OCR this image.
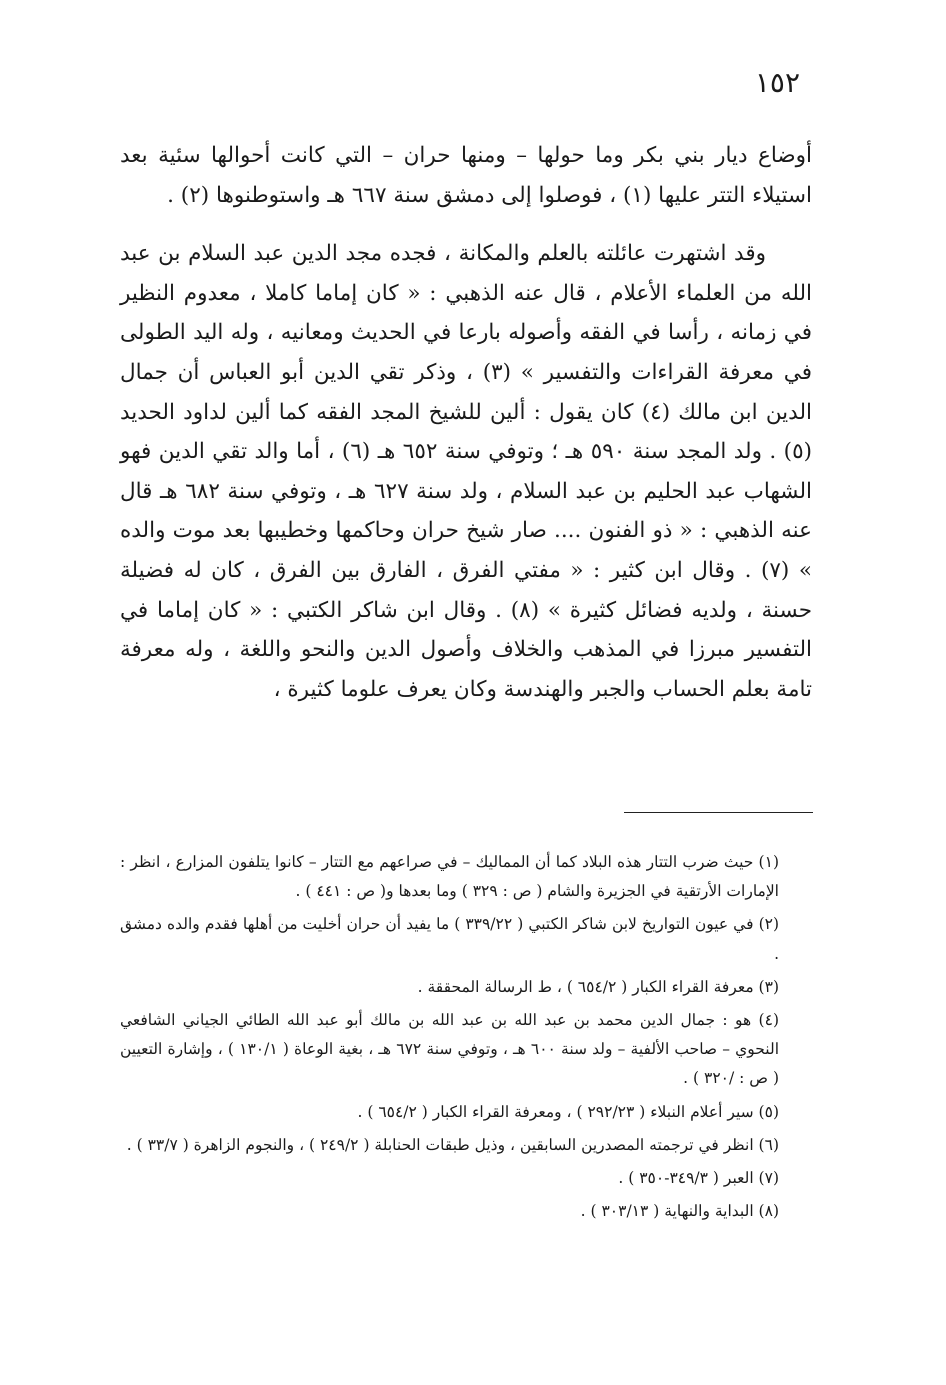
١٥٢

أوضاع ديار بني بكر وما حولها – ومنها حران – التي كانت أحوالها سئية بعد استيلاء التتر عليها (١) ، فوصلوا إلى دمشق سنة ٦٦٧ هـ واستوطنوها (٢) .

وقد اشتهرت عائلته بالعلم والمكانة ، فجده مجد الدين عبد السلام بن عبد الله من العلماء الأعلام ، قال عنه الذهبي : « كان إماما كاملا ، معدوم النظير في زمانه ، رأسا في الفقه وأصوله بارعا في الحديث ومعانيه ، وله اليد الطولى في معرفة القراءات والتفسير » (٣) ، وذكر تقي الدين أبو العباس أن جمال الدين ابن مالك (٤) كان يقول : ألين للشيخ المجد الفقه كما ألين لداود الحديد (٥) . ولد المجد سنة ٥٩٠ هـ ؛ وتوفي سنة ٦٥٢ هـ (٦) ، أما والد تقي الدين فهو الشهاب عبد الحليم بن عبد السلام ، ولد سنة ٦٢٧ هـ ، وتوفي سنة ٦٨٢ هـ قال عنه الذهبي : « ذو الفنون .... صار شيخ حران وحاكمها وخطيبها بعد موت والده » (٧) . وقال ابن كثير : « مفتي الفرق ، الفارق بين الفرق ، كان له فضيلة حسنة ، ولديه فضائل كثيرة » (٨) . وقال ابن شاكر الكتبي : « كان إماما في التفسير مبرزا في المذهب والخلاف وأصول الدين والنحو واللغة ، وله معرفة تامة بعلم الحساب والجبر والهندسة وكان يعرف علوما كثيرة ،

(١) حيث ضرب التتار هذه البلاد كما أن المماليك – في صراعهم مع التتار – كانوا يتلفون المزارع ، انظر : الإمارات الأرتقية في الجزيرة والشام ( ص : ٣٢٩ ) وما بعدها و( ص : ٤٤١ ) .

(٢) في عيون التواريخ لابن شاكر الكتبي ( ٣٣٩/٢٢ ) ما يفيد أن حران أخليت من أهلها فقدم والده دمشق .

(٣) معرفة القراء الكبار ( ٦٥٤/٢ ) ، ط الرسالة المحققة .

(٤) هو : جمال الدين محمد بن عبد الله بن عبد الله بن مالك أبو عبد الله الطائي الجياني الشافعي النحوي – صاحب الألفية – ولد سنة ٦٠٠ هـ ، وتوفي سنة ٦٧٢ هـ ، بغية الوعاة ( ١٣٠/١ ) ، وإشارة التعيين ( ص : /٣٢٠ ) .

(٥) سير أعلام النبلاء ( ٢٩٢/٢٣ ) ، ومعرفة القراء الكبار ( ٦٥٤/٢ ) .

(٦) انظر في ترجمته المصدرين السابقين ، وذيل طبقات الحنابلة ( ٢٤٩/٢ ) ، والنجوم الزاهرة ( ٣٣/٧ ) .

(٧) العبر ( ٣٤٩/٣-٣٥٠ ) .

(٨) البداية والنهاية ( ٣٠٣/١٣ ) .
